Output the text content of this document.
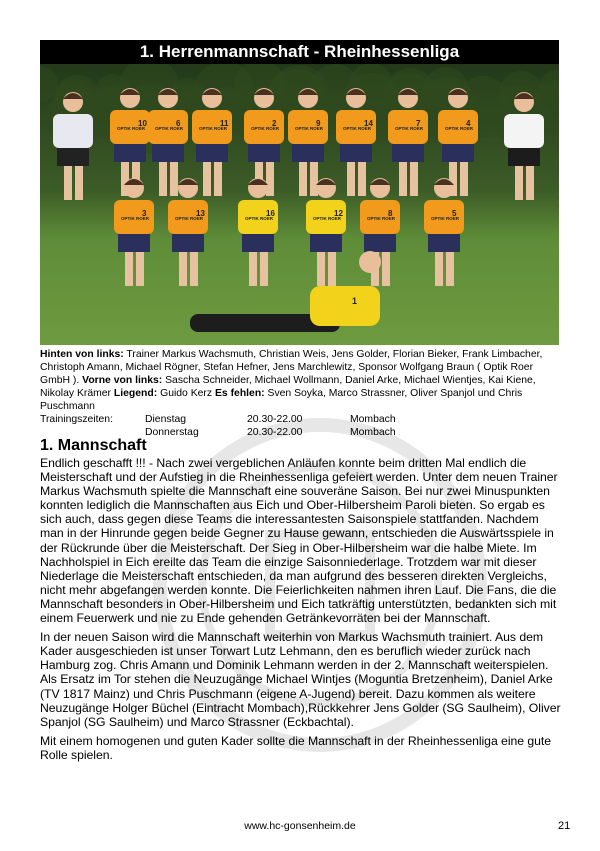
1. Herrenmannschaft - Rheinhessenliga
10
OPTIK ROER
6
OPTIK ROER
11
OPTIK ROER
2
OPTIK ROER
9
OPTIK ROER
14
OPTIK ROER
7
OPTIK ROER
4
OPTIK ROER
3
OPTIK ROER
13
OPTIK ROER
16
OPTIK ROER
12
OPTIK ROER
8
OPTIK ROER
5
OPTIK ROER
1
Hinten von links: Trainer Markus Wachsmuth, Christian Weis, Jens Golder, Florian Bieker, Frank Limbacher, Christoph Amann, Michael Rögner, Stefan Hefner, Jens Marchlewitz, Sponsor Wolfgang Braun ( Optik Roer GmbH ). Vorne von links: Sascha Schneider, Michael Wollmann, Daniel Arke, Michael Wientjes, Kai Kiene, Nikolay Krämer Liegend: Guido Kerz Es fehlen: Sven Soyka, Marco Strassner, Oliver Spanjol und Chris Puschmann
Trainingszeiten:	Dienstag	20.30-22.00	Mombach
Donnerstag	20.30-22.00	Mombach
1. Mannschaft

Endlich geschafft !!! - Nach zwei vergeblichen Anläufen konnte beim dritten Mal endlich die Meisterschaft und der Aufstieg in die Rheinhessenliga gefeiert werden. Unter dem neuen Trainer Markus Wachsmuth spielte die Mannschaft eine souveräne Saison. Bei nur zwei Minuspunkten konnten lediglich die Mannschaften aus Eich und Ober-Hilbersheim Paroli bieten. So ergab es sich auch, dass gegen diese Teams die interessantesten Saisonspiele stattfanden. Nachdem man in der Hinrunde gegen beide Gegner zu Hause gewann, entschieden die Auswärtsspiele in der Rückrunde über die Meisterschaft. Der Sieg in Ober-Hilbersheim war die halbe Miete. Im Nachholspiel in Eich ereilte das Team die einzige Saisonniederlage. Trotzdem war mit dieser Niederlage die Meisterschaft entschieden, da man aufgrund des besseren direkten Vergleichs, nicht mehr abgefangen werden konnte. Die Feierlichkeiten nahmen ihren Lauf. Die Fans, die die Mannschaft besonders in Ober-Hilbersheim und Eich tatkräftig unterstützten, bedankten sich mit einem Feuerwerk und nie zu Ende gehenden Getränkevorräten bei der Mannschaft.

In der neuen Saison wird die Mannschaft weiterhin von Markus Wachsmuth trainiert. Aus dem Kader ausgeschieden ist unser Torwart Lutz Lehmann, den es beruflich wieder zurück nach Hamburg zog. Chris Amann und Dominik Lehmann werden in der 2. Mannschaft weiterspielen. Als Ersatz im Tor stehen die Neuzugänge Michael Wintjes (Moguntia Bretzenheim), Daniel Arke (TV 1817 Mainz) und Chris Puschmann (eigene A-Jugend) bereit. Dazu kommen als weitere Neuzugänge Holger Büchel (Eintracht Mombach),Rückkehrer Jens Golder (SG Saulheim), Oliver Spanjol (SG Saulheim) und Marco Strassner (Eckbachtal).

Mit einem homogenen und guten Kader sollte die Mannschaft in der Rheinhessenliga eine gute Rolle spielen.

www.hc-gonsenheim.de	21
